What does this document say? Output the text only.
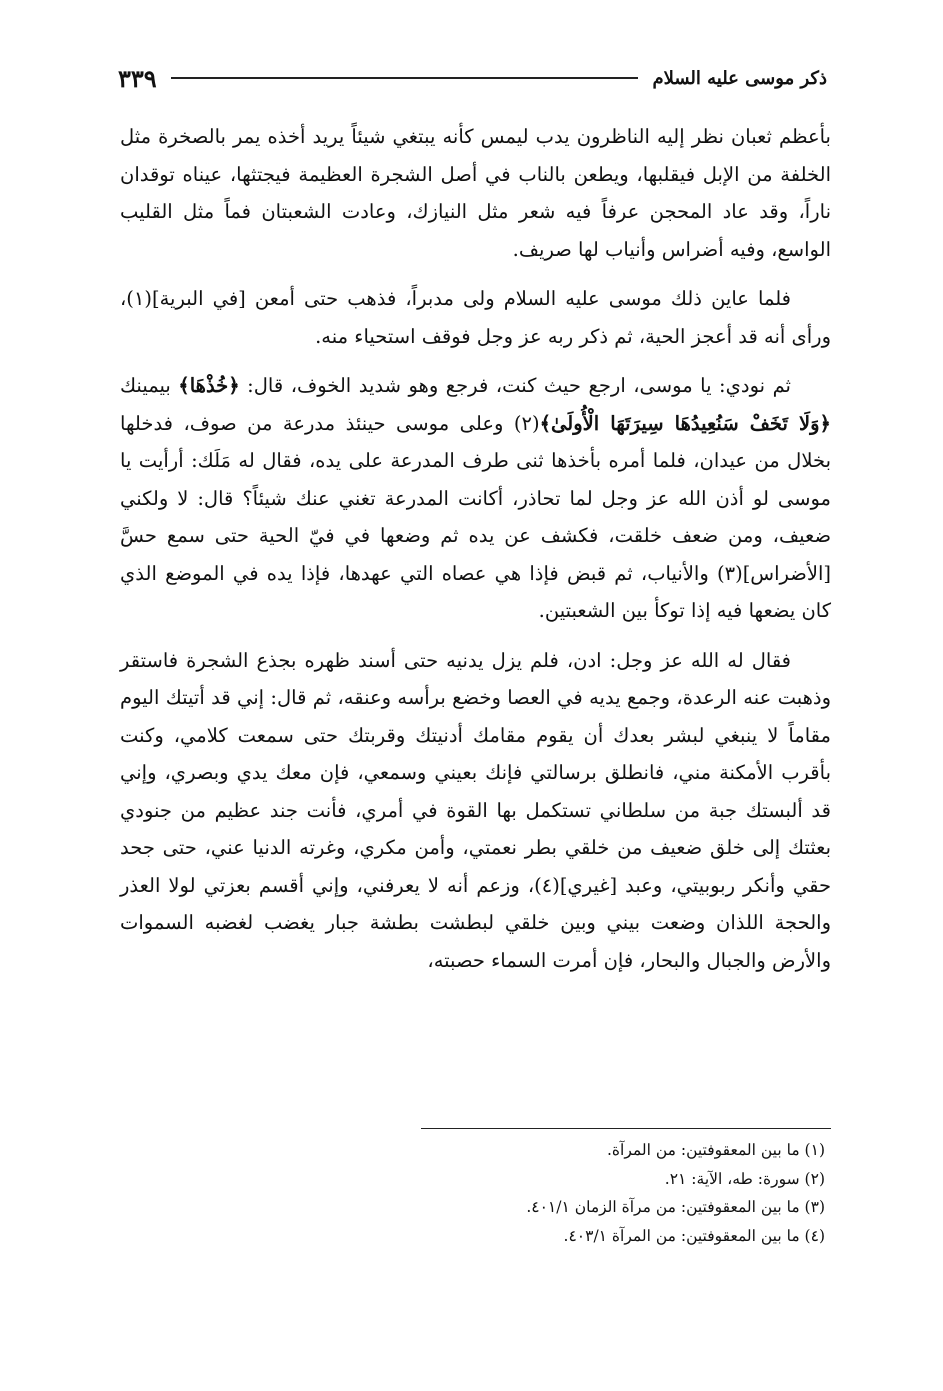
ذكر موسى عليه السلام
٣٣٩

بأعظم ثعبان نظر إليه الناظرون يدب ليمس كأنه يبتغي شيئاً يريد أخذه يمر بالصخرة مثل الخلفة من الإبل فيقلبها، ويطعن بالناب في أصل الشجرة العظيمة فيجتثها، عيناه توقدان ناراً، وقد عاد المحجن عرفاً فيه شعر مثل النيازك، وعادت الشعبتان فماً مثل القليب الواسع، وفيه أضراس وأنياب لها صريف.

فلما عاين ذلك موسى عليه السلام ولى مدبراً، فذهب حتى أمعن [في البرية](١)، ورأى أنه قد أعجز الحية، ثم ذكر ربه عز وجل فوقف استحياء منه.

ثم نودي: يا موسى، ارجع حيث كنت، فرجع وهو شديد الخوف، قال: ﴿خُذْهَا﴾ بيمينك ﴿وَلَا تَخَفْ سَنُعِيدُهَا سِيرَتَهَا الْأُولَىٰ﴾(٢) وعلى موسى حينئذ مدرعة من صوف، فدخلها بخلال من عيدان، فلما أمره بأخذها ثنى طرف المدرعة على يده، فقال له مَلَك: أرأيت يا موسى لو أذن الله عز وجل لما تحاذر، أكانت المدرعة تغني عنك شيئاً؟ قال: لا ولكني ضعيف، ومن ضعف خلقت، فكشف عن يده ثم وضعها في فيّ الحية حتى سمع حسَّ [الأضراس](٣) والأنياب، ثم قبض فإذا هي عصاه التي عهدها، فإذا يده في الموضع الذي كان يضعها فيه إذا توكأ بين الشعبتين.

فقال له الله عز وجل: ادن، فلم يزل يدنيه حتى أسند ظهره بجذع الشجرة فاستقر وذهبت عنه الرعدة، وجمع يديه في العصا وخضع برأسه وعنقه، ثم قال: إني قد أتيتك اليوم مقاماً لا ينبغي لبشر بعدك أن يقوم مقامك أدنيتك وقربتك حتى سمعت كلامي، وكنت بأقرب الأمكنة مني، فانطلق برسالتي فإنك بعيني وسمعي، فإن معك يدي وبصري، وإني قد ألبستك جبة من سلطاني تستكمل بها القوة في أمري، فأنت جند عظيم من جنودي بعثتك إلى خلق ضعيف من خلقي بطر نعمتي، وأمن مكري، وغرته الدنيا عني، حتى جحد حقي وأنكر ربوبيتي، وعبد [غيري](٤)، وزعم أنه لا يعرفني، وإني أقسم بعزتي لولا العذر والحجة اللذان وضعت بيني وبين خلقي لبطشت بطشة جبار يغضب لغضبه السموات والأرض والجبال والبحار، فإن أمرت السماء حصبته،

(١) ما بين المعقوفتين: من المرآة.

(٢) سورة: طه، الآية: ٢١.

(٣) ما بين المعقوفتين: من مرآة الزمان ٤٠١/١.

(٤) ما بين المعقوفتين: من المرآة ٤٠٣/١.
